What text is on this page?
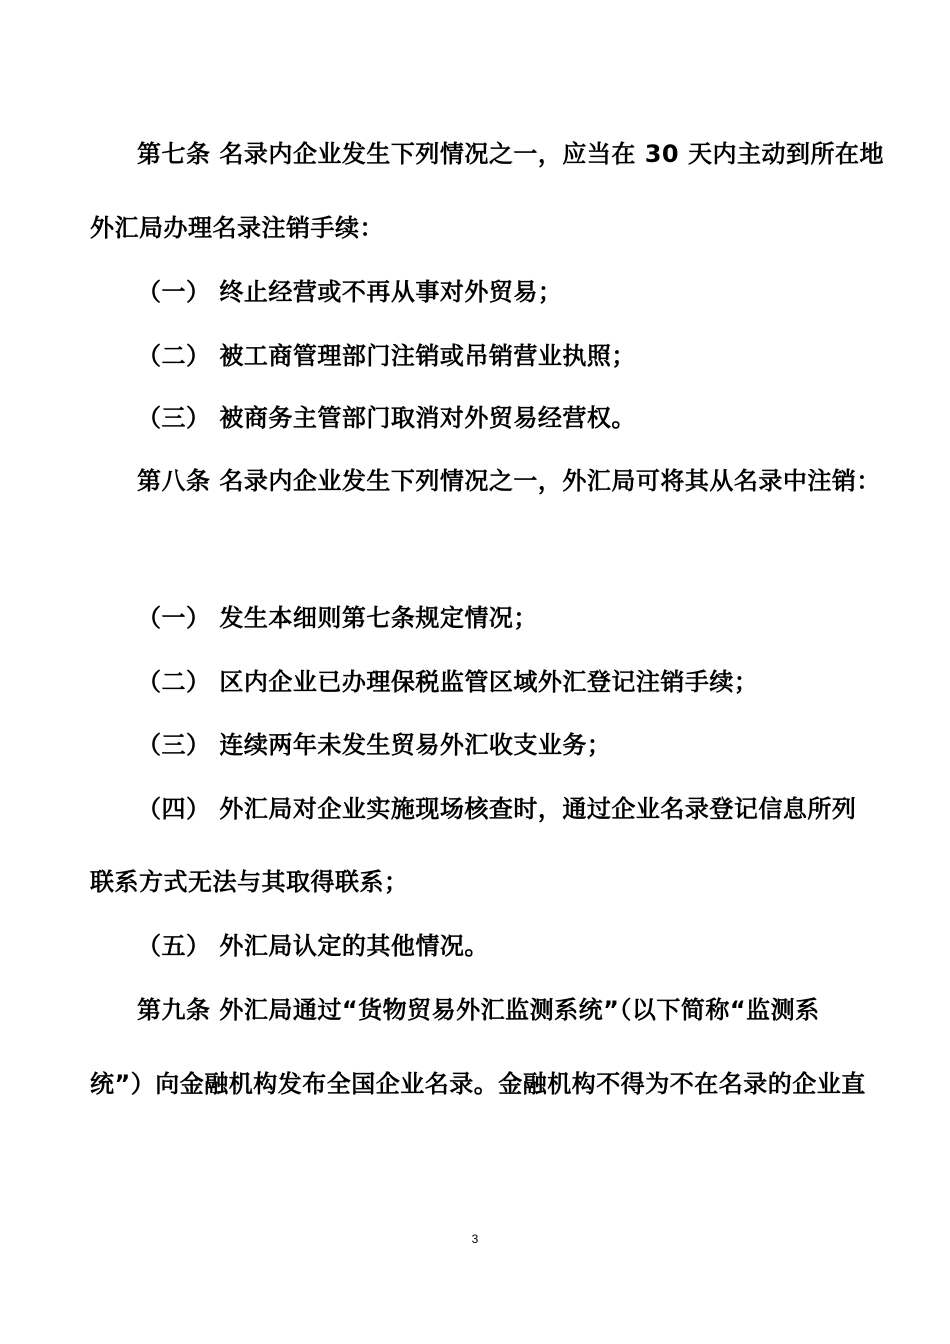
第七条 名录内企业发生下列情况之一，应当在 30 天内主动到所在地
外汇局办理名录注销手续：
（一） 终止经营或不再从事对外贸易；
（二） 被工商管理部门注销或吊销营业执照；
（三） 被商务主管部门取消对外贸易经营权。
第八条 名录内企业发生下列情况之一，外汇局可将其从名录中注销：
（一） 发生本细则第七条规定情况；
（二） 区内企业已办理保税监管区域外汇登记注销手续；
（三） 连续两年未发生贸易外汇收支业务；
（四） 外汇局对企业实施现场核查时，通过企业名录登记信息所列
联系方式无法与其取得联系；
（五） 外汇局认定的其他情况。
第九条 外汇局通过“货物贸易外汇监测系统”（以下简称“监测系
统”）向金融机构发布全国企业名录。金融机构不得为不在名录的企业直
3
